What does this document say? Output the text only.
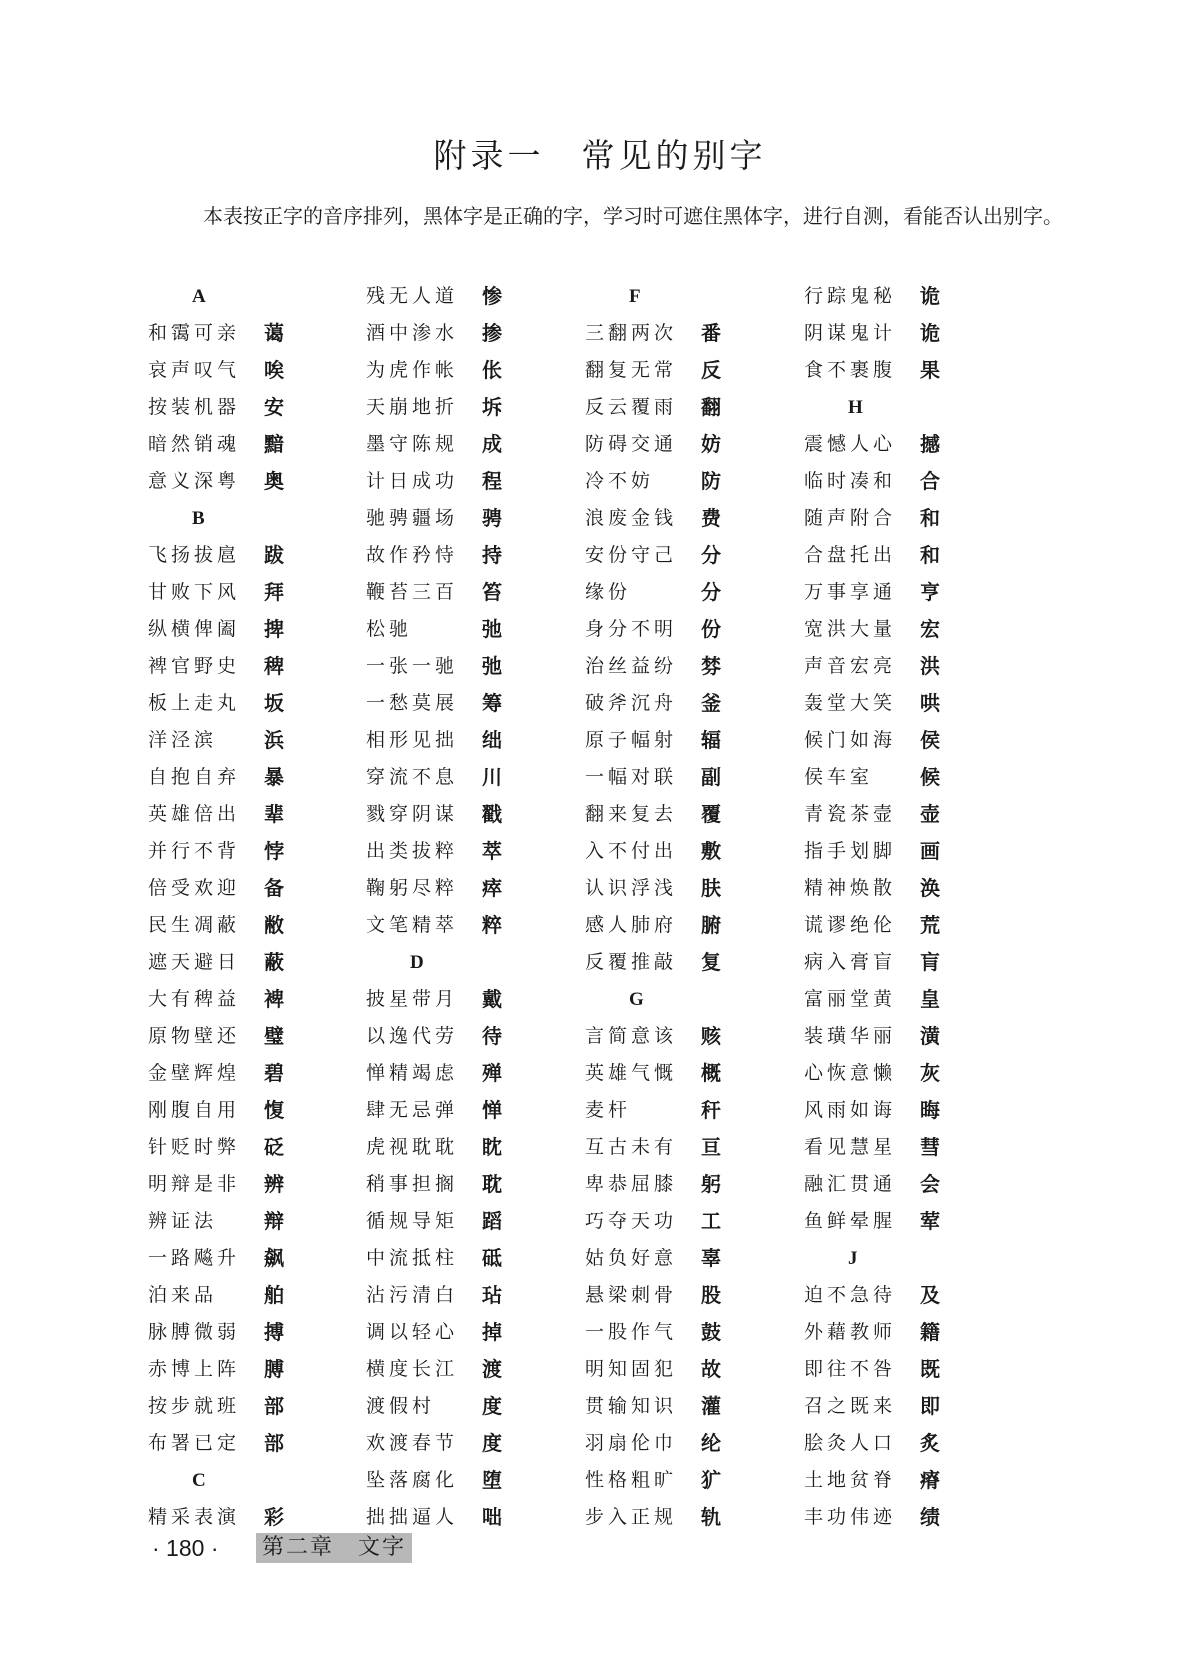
附录一　常见的别字
本表按正字的音序排列，黑体字是正确的字，学习时可遮住黑体字，进行自测，看能否认出别字。
A
和霭可亲 蔼
哀声叹气 唉
按装机器 安
暗然销魂 黯
意义深粤 奥
B
飞扬拔扈 跋
甘败下风 拜
纵横俾阖 捭
裨官野史 稗
板上走丸 坂
洋泾滨 浜
自抱自弃 暴
英雄倍出 辈
并行不背 悖
倍受欢迎 备
民生凋蔽 敝
遮天避日 蔽
大有稗益 裨
原物壁还 璧
金壁辉煌 碧
刚腹自用 愎
针贬时弊 砭
明辩是非 辨
辨证法 辩
一路飚升 飙
泊来品 舶
脉膊微弱 搏
赤博上阵 膊
按步就班 部
布署已定 部
C
精采表演 彩
残无人道 惨
酒中渗水 掺
为虎作帐 伥
天崩地折 坼
墨守陈规 成
计日成功 程
驰骋疆场 骋
故作矜恃 持
鞭苔三百 笞
松驰	弛
一张一驰 弛
一愁莫展 筹
相形见拙 绌
穿流不息 川
戮穿阴谋 戳
出类拔粹 萃
鞠躬尽粹 瘁
文笔精萃 粹
D
披星带月 戴
以逸代劳 待
惮精竭虑 殚
肆无忌弹 惮
虎视耽耽 眈
稍事担搁 耽
循规导矩 蹈
中流抵柱 砥
沾污清白 玷
调以轻心 掉
横度长江 渡
渡假村 度
欢渡春节 度
坠落腐化 堕
拙拙逼人 咄
F
三翻两次 番
翻复无常 反
反云覆雨 翻
防碍交通 妨
冷不妨 防
浪废金钱 费
安份守己 分
缘份	分
身分不明 份
治丝益纷 棼
破斧沉舟 釜
原子幅射 辐
一幅对联 副
翻来复去 覆
入不付出 敷
认识浮浅 肤
感人肺府 腑
反覆推敲 复
G
言简意该 赅
英雄气慨 概
麦杆	秆
互古未有 亘
卑恭屈膝 躬
巧夺天功 工
姑负好意 辜
悬梁刺骨 股
一股作气 鼓
明知固犯 故
贯输知识 灌
羽扇伦巾 纶
性格粗旷 犷
步入正规 轨
行踪鬼秘 诡
阴谋鬼计 诡
食不裹腹 果
H
震憾人心 撼
临时凑和 合
随声附合 和
合盘托出 和
万事享通 亨
宽洪大量 宏
声音宏亮 洪
轰堂大笑 哄
候门如海 侯
侯车室 候
青瓷茶壸 壶
指手划脚 画
精神焕散 涣
谎谬绝伦 荒
病入膏盲 肓
富丽堂黄 皇
装璜华丽 潢
心恢意懒 灰
风雨如诲 晦
看见慧星 彗
融汇贯通 会
鱼鲜晕腥 荤
J
迫不急待 及
外藉教师 籍
即往不咎 既
召之既来 即
脍灸人口 炙
土地贫脊 瘠
丰功伟迹 绩
· 180 ·	第二章　文字
